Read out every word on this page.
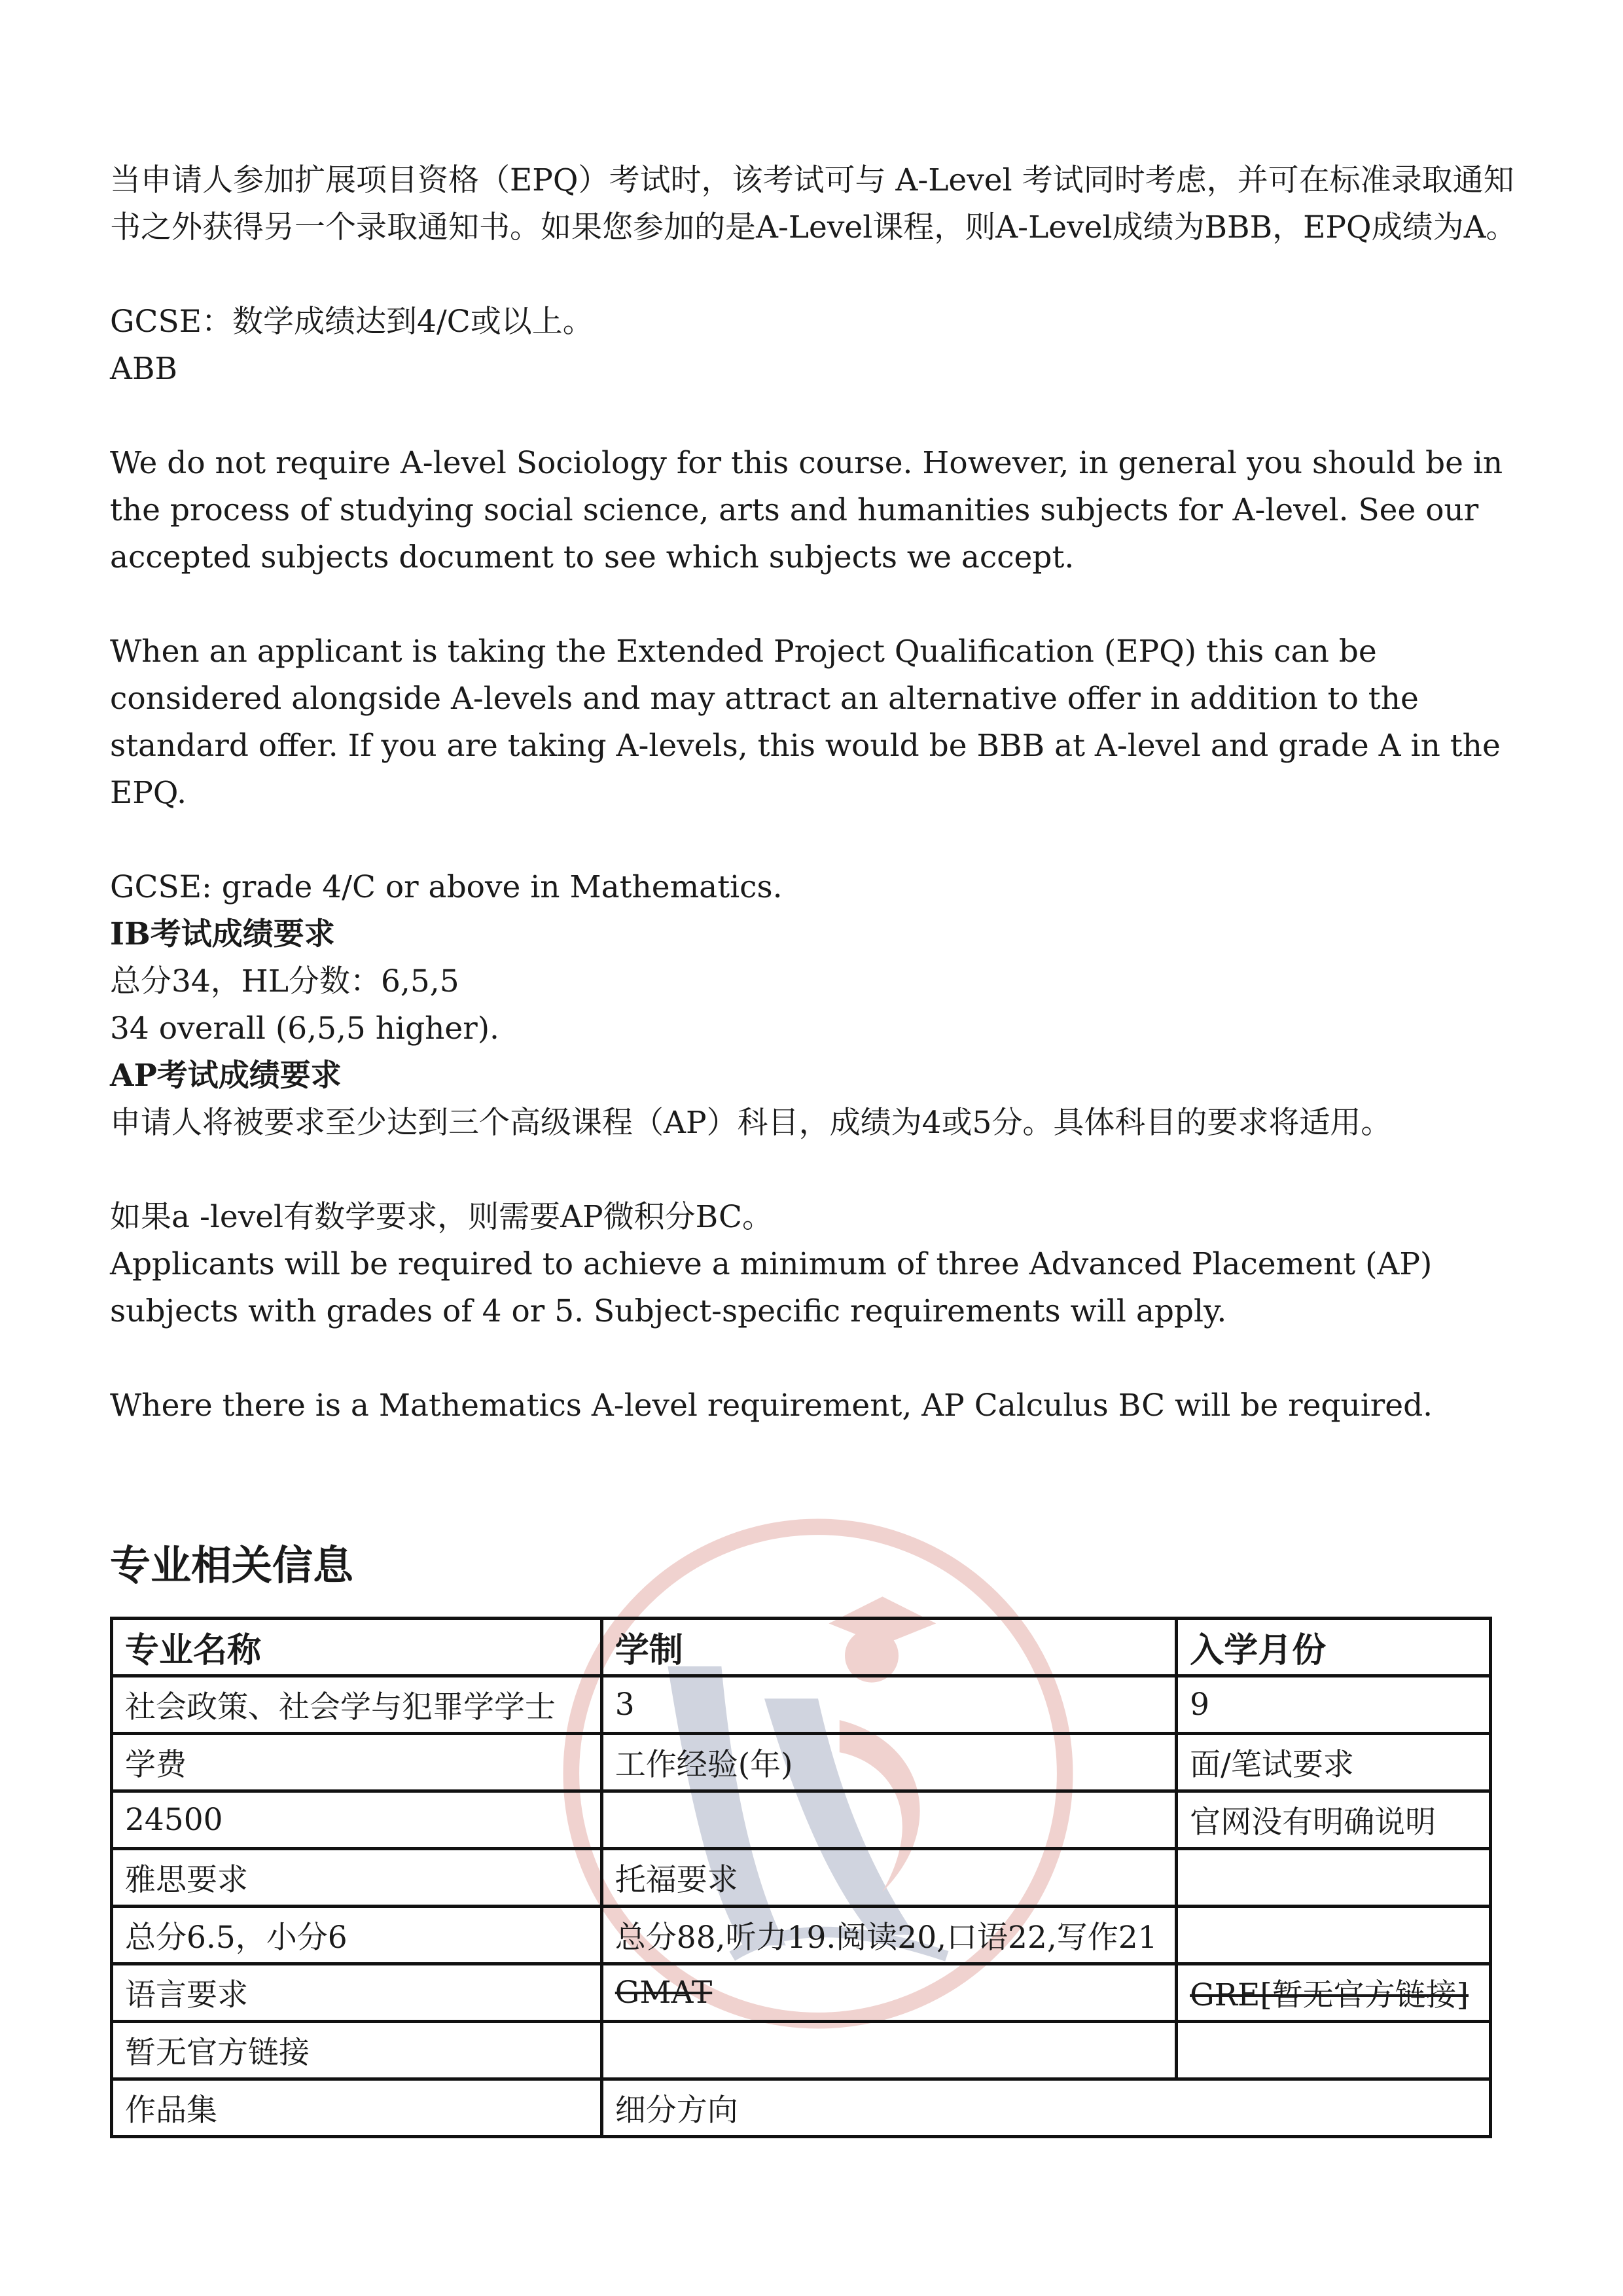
当申请人参加扩展项目资格（EPQ）考试时，该考试可与 A-Level 考试同时考虑，并可在标准录取通知书之外获得另一个录取通知书。如果您参加的是A-Level课程，则A-Level成绩为BBB，EPQ成绩为A。

GCSE：数学成绩达到4/C或以上。

ABB

We do not require A-level Sociology for this course. However, in general you should be in the process of studying social science, arts and humanities subjects for A-level. See our accepted subjects document to see which subjects we accept.

When an applicant is taking the Extended Project Qualification (EPQ) this can be considered alongside A-levels and may attract an alternative offer in addition to the standard offer. If you are taking A-levels, this would be BBB at A-level and grade A in the EPQ.

GCSE: grade 4/C or above in Mathematics.

IB考试成绩要求

总分34，HL分数：6,5,5

34 overall (6,5,5 higher).

AP考试成绩要求

申请人将被要求至少达到三个高级课程（AP）科目，成绩为4或5分。具体科目的要求将适用。

如果a -level有数学要求，则需要AP微积分BC。

Applicants will be required to achieve a minimum of three Advanced Placement (AP) subjects with grades of 4 or 5. Subject-specific requirements will apply.

Where there is a Mathematics A-level requirement, AP Calculus BC will be required.

专业相关信息
专业名称	学制	入学月份
社会政策、社会学与犯罪学学士	3	9
学费	工作经验(年)	面/笔试要求
24500		官网没有明确说明
雅思要求	托福要求	
总分6.5，小分6	总分88,听力19.阅读20,口语22,写作21	
语言要求	GMAT	GRE[暂无官方链接]
暂无官方链接		
作品集	细分方向	
